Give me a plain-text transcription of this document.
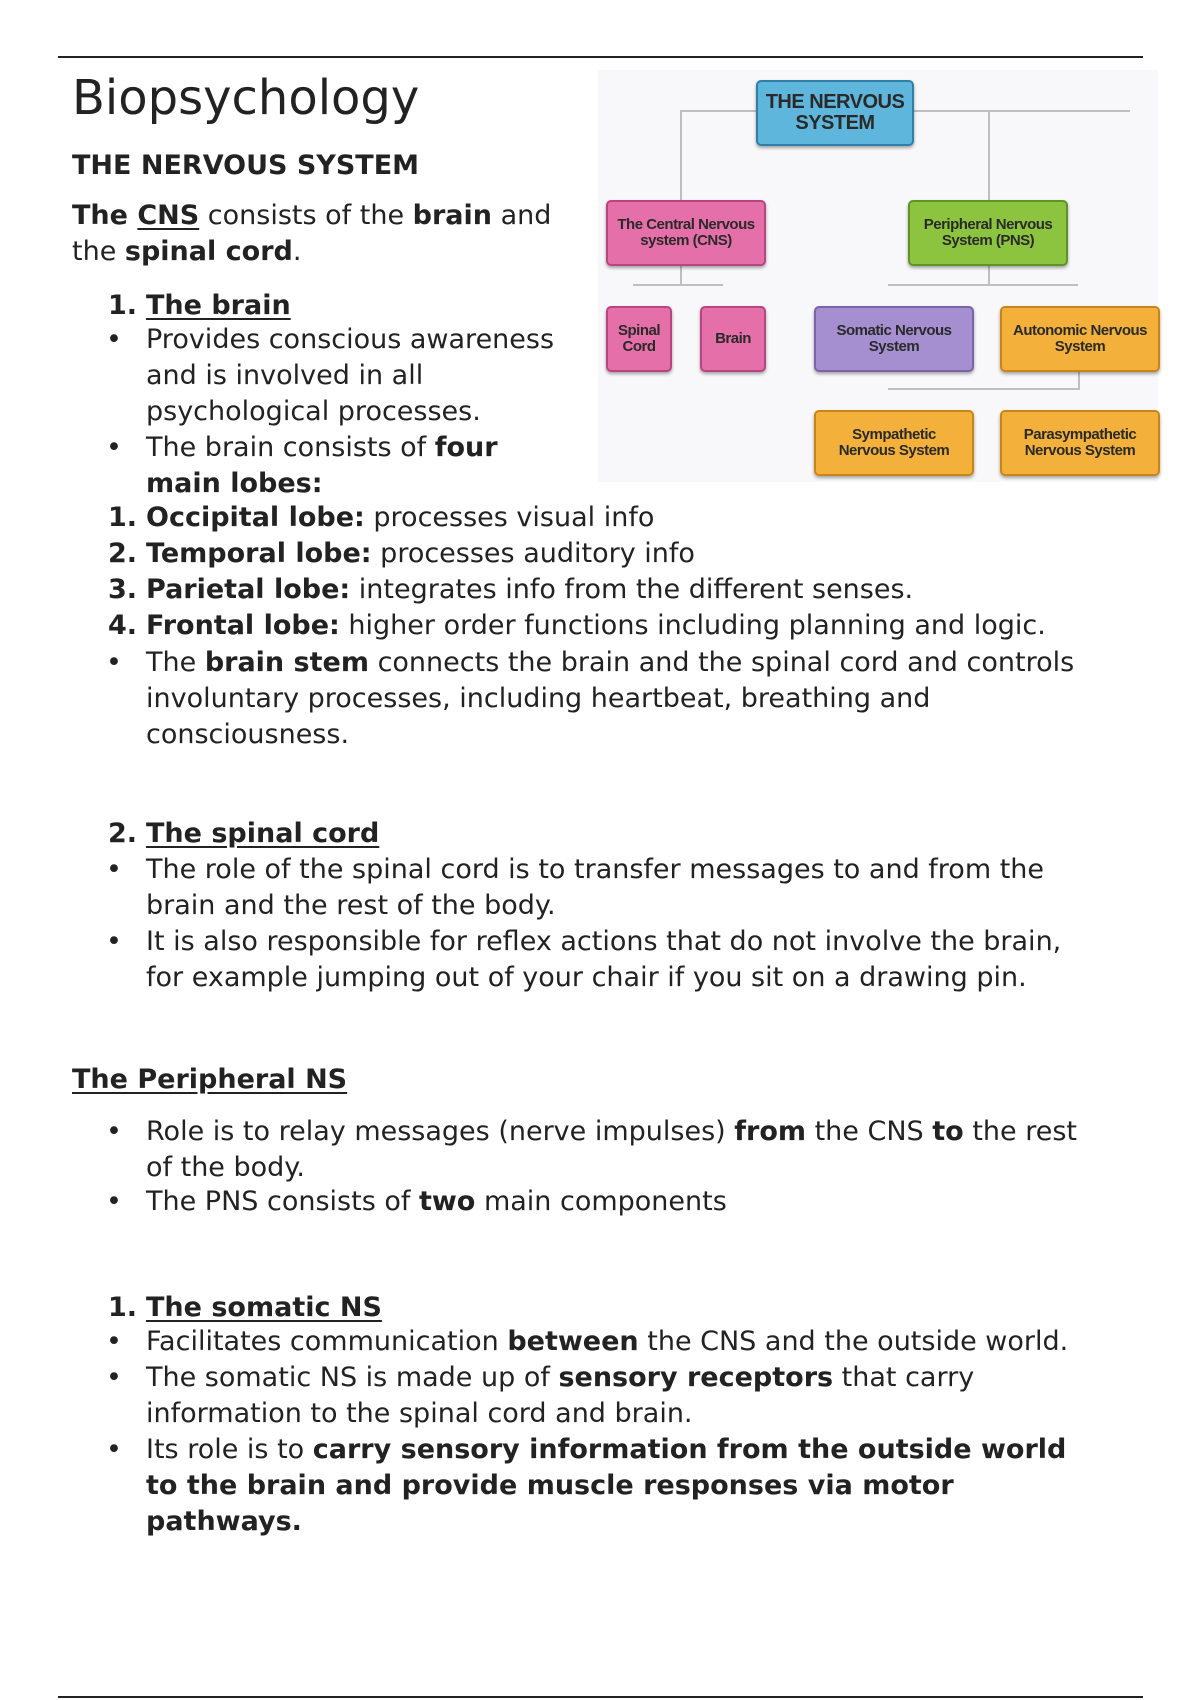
Biopsychology
THE NERVOUS SYSTEM
The CNS consists of the brain and the spinal cord.
1. The brain
• Provides conscious awareness
and is involved in all
psychological processes.
• The brain consists of four
main lobes:
1. Occipital lobe: processes visual info
2. Temporal lobe: processes auditory info
3. Parietal lobe: integrates info from the different senses.
4. Frontal lobe: higher order functions including planning and logic.
• The brain stem connects the brain and the spinal cord and controls
involuntary processes, including heartbeat, breathing and
consciousness.
2. The spinal cord
• The role of the spinal cord is to transfer messages to and from the
brain and the rest of the body.
• It is also responsible for reflex actions that do not involve the brain,
for example jumping out of your chair if you sit on a drawing pin.
The Peripheral NS
• Role is to relay messages (nerve impulses) from the CNS to the rest
of the body.
• The PNS consists of two main components
1. The somatic NS
• Facilitates communication between the CNS and the outside world.
• The somatic NS is made up of sensory receptors that carry
information to the spinal cord and brain.
• Its role is to carry sensory information from the outside world
to the brain and provide muscle responses via motor
pathways.
THE NERVOUS
SYSTEM
The Central Nervous
system (CNS)
Peripheral Nervous
System (PNS)
Spinal
Cord	Brain	Somatic Nervous
System
Autonomic Nervous
System
Sympathetic
Nervous System
Parasympathetic
Nervous System
